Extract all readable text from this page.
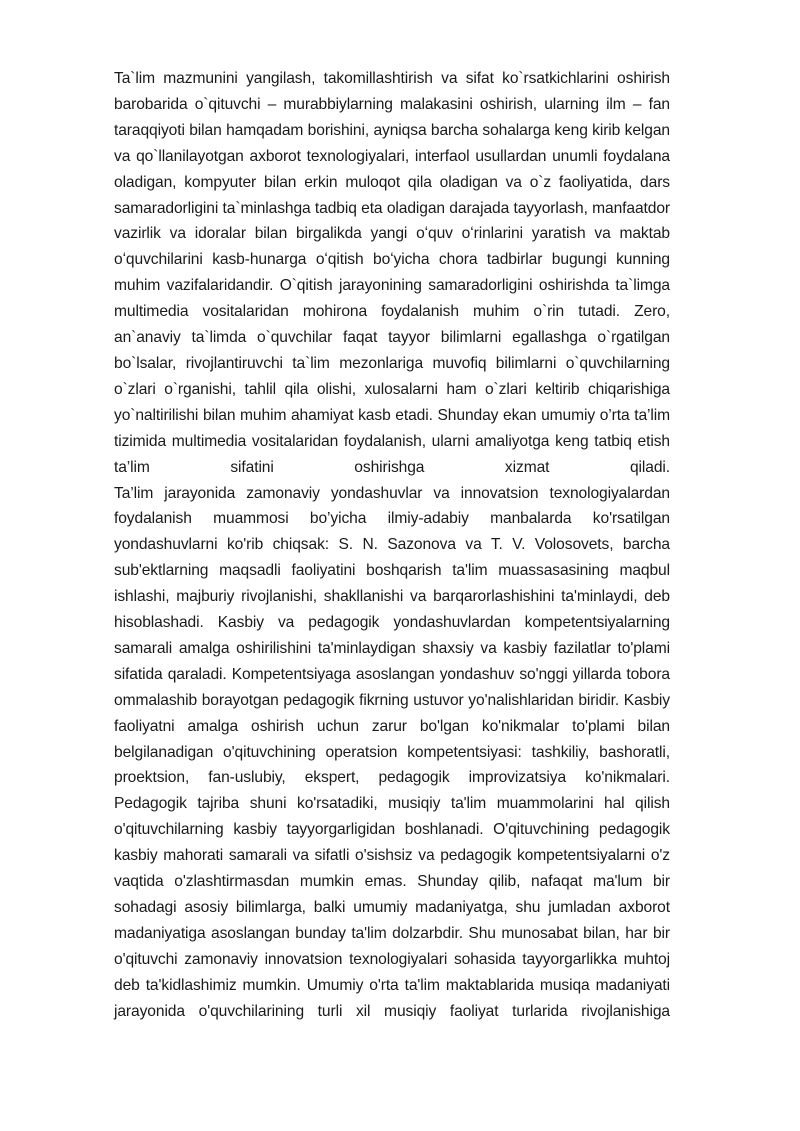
Ta`lim mazmunini yangilash, takomillashtirish va sifat ko`rsatkichlarini oshirish barobarida o`qituvchi – murabbiylarning malakasini oshirish, ularning ilm – fan taraqqiyoti bilan hamqadam borishini, ayniqsa barcha sohalarga keng kirib kelgan va qo`llanilayotgan axborot texnologiyalari, interfaol usullardan unumli foydalana oladigan, kompyuter bilan erkin muloqot qila oladigan va o`z faoliyatida, dars samaradorligini ta`minlashga tadbiq eta oladigan darajada tayyorlash, manfaatdor vazirlik va idoralar bilan birgalikda yangi oʻquv oʻrinlarini yaratish va maktab oʻquvchilarini kasb-hunarga oʻqitish boʻyicha chora tadbirlar bugungi kunning muhim vazifalaridandir. O`qitish jarayonining samaradorligini oshirishda ta`limga multimedia vositalaridan mohirona foydalanish muhim o`rin tutadi. Zero, an`anaviy ta`limda o`quvchilar faqat tayyor bilimlarni egallashga o`rgatilgan bo`lsalar, rivojlantiruvchi ta`lim mezonlariga muvofiq bilimlarni o`quvchilarning o`zlari o`rganishi, tahlil qila olishi, xulosalarni ham o`zlari keltirib chiqarishiga yo`naltirilishi bilan muhim ahamiyat kasb etadi. Shunday ekan umumiy o’rta ta’lim tizimida multimedia vositalaridan foydalanish, ularni amaliyotga keng tatbiq etish ta’lim sifatini oshirishga xizmat qiladi.

Ta’lim jarayonida zamonaviy yondashuvlar va innovatsion texnologiyalardan foydalanish muammosi bo’yicha ilmiy-adabiy manbalarda ko'rsatilgan yondashuvlarni ko'rib chiqsak: S. N. Sazonova va T. V. Volosovets, barcha sub'ektlarning maqsadli faoliyatini boshqarish ta'lim muassasasining maqbul ishlashi, majburiy rivojlanishi, shakllanishi va barqarorlashishini ta'minlaydi, deb hisoblashadi. Kasbiy va pedagogik yondashuvlardan kompetentsiyalarning samarali amalga oshirilishini ta'minlaydigan shaxsiy va kasbiy fazilatlar to'plami sifatida qaraladi. Kompetentsiyaga asoslangan yondashuv so'nggi yillarda tobora ommalashib borayotgan pedagogik fikrning ustuvor yo'nalishlaridan biridir. Kasbiy faoliyatni amalga oshirish uchun zarur bo'lgan ko'nikmalar to'plami bilan belgilanadigan o'qituvchining operatsion kompetentsiyasi: tashkiliy, bashoratli, proektsion, fan-uslubiy, ekspert, pedagogik improvizatsiya ko'nikmalari. Pedagogik tajriba shuni ko'rsatadiki, musiqiy ta'lim muammolarini hal qilish o'qituvchilarning kasbiy tayyorgarligidan boshlanadi. O'qituvchining pedagogik kasbiy mahorati samarali va sifatli o'sishsiz va pedagogik kompetentsiyalarni o'z vaqtida o'zlashtirmasdan mumkin emas. Shunday qilib, nafaqat ma'lum bir sohadagi asosiy bilimlarga, balki umumiy madaniyatga, shu jumladan axborot madaniyatiga asoslangan bunday ta'lim dolzarbdir. Shu munosabat bilan, har bir o'qituvchi zamonaviy innovatsion texnologiyalari sohasida tayyorgarlikka muhtoj deb ta'kidlashimiz mumkin. Umumiy o'rta ta'lim maktablarida musiqa madaniyati jarayonida o'quvchilarining turli xil musiqiy faoliyat turlarida rivojlanishiga
